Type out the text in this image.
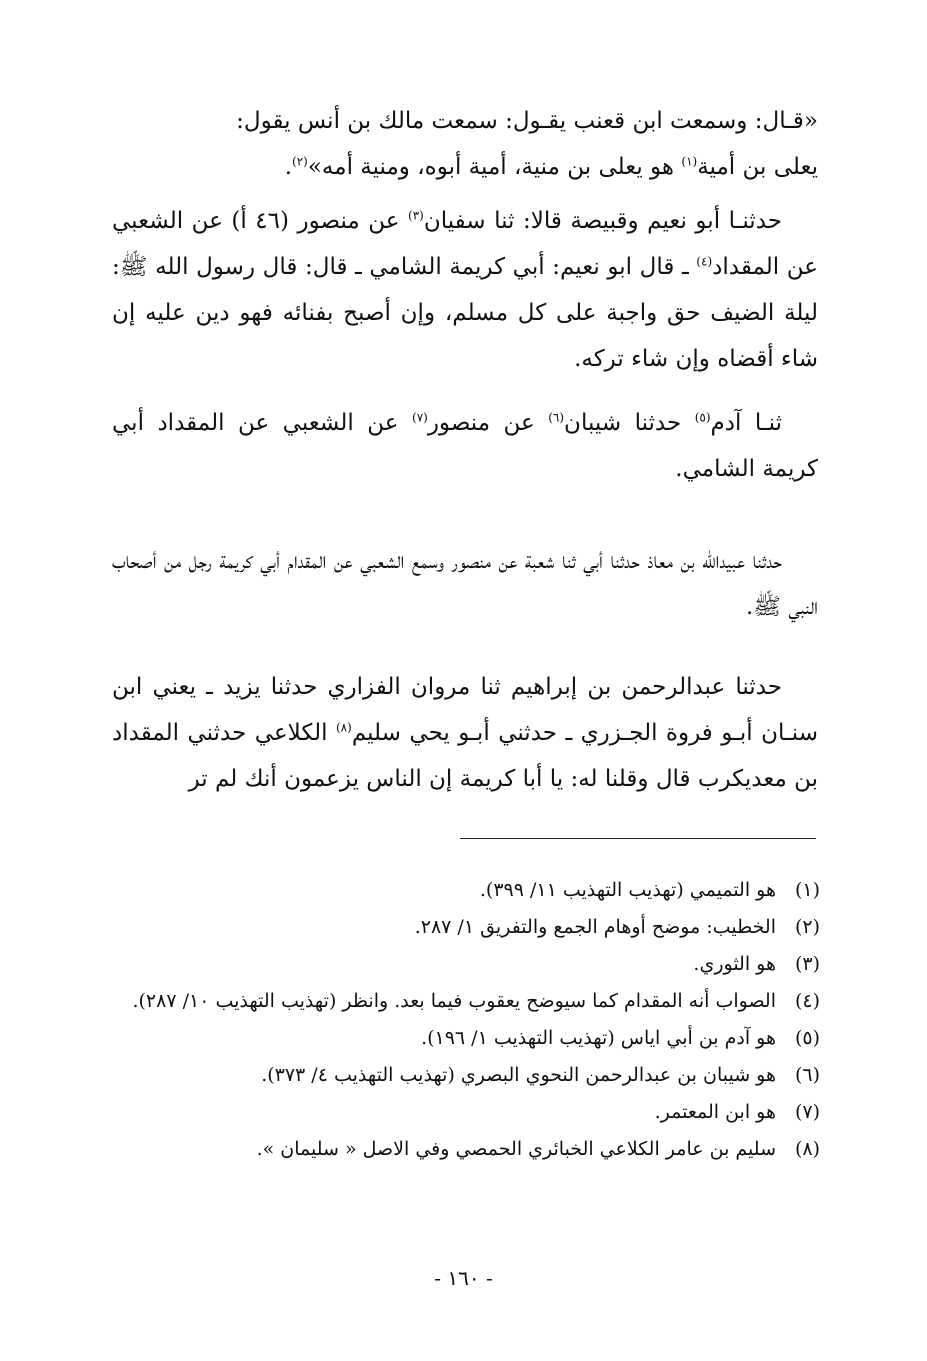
«قـال: وسمعت ابن قعنب يقـول: سمعت مالك بن أنس يقول:
يعلى بن أمية$^{(١)}$ هو يعلى بن منية، أمية أبوه، ومنية أمه»$^{(٢)}$.

حدثنـا أبو نعيم وقبيصة قالا: ثنا سفيان$^{(٣)}$ عن منصور (٤٦ أ) عن الشعبي عن المقداد$^{(٤)}$ ـ قال ابو نعيم: أبي كريمة الشامي ـ قال: قال رسول الله ﷺ: ليلة الضيف حق واجبة على كل مسلم، وإن أصبح بفنائه فهو دين عليه إن شاء أقضاه وإن شاء تركه.

ثنـا آدم$^{(٥)}$ حدثنا شيبان$^{(٦)}$ عن منصور$^{(٧)}$ عن الشعبي عن المقداد أبي كريمة الشامي.

حدثنا عبيدالله بن معاذ حدثنا أبي ثنا شعبة عن منصور وسمع الشعبي عن المقدام أبي كريمة رجل من أصحاب النبي ﷺ.

حدثنا عبدالرحمن بن إبراهيم ثنا مروان الفزاري حدثنا يزيد ـ يعني ابن سنـان أبـو فروة الجـزري ـ حدثني أبـو يحي سليم$^{(٨)}$ الكلاعي حدثني المقداد بن معديكرب قال وقلنا له: يا أبا كريمة إن الناس يزعمون أنك لم تر

(١)
هو التميمي (تهذيب التهذيب ١١/ ٣٩٩).

(٢)
الخطيب: موضح أوهام الجمع والتفريق ١/ ٢٨٧.

(٣)
هو الثوري.

(٤)
الصواب أنه المقدام كما سيوضح يعقوب فيما بعد. وانظر (تهذيب التهذيب ١٠/ ٢٨٧).

(٥)
هو آدم بن أبي اياس (تهذيب التهذيب ١/ ١٩٦).

(٦)
هو شيبان بن عبدالرحمن النحوي البصري (تهذيب التهذيب ٤/ ٣٧٣).

(٧)
هو ابن المعتمر.

(٨)
سليم بن عامر الكلاعي الخبائري الحمصي وفي الاصل « سليمان ».

- ١٦٠ -
